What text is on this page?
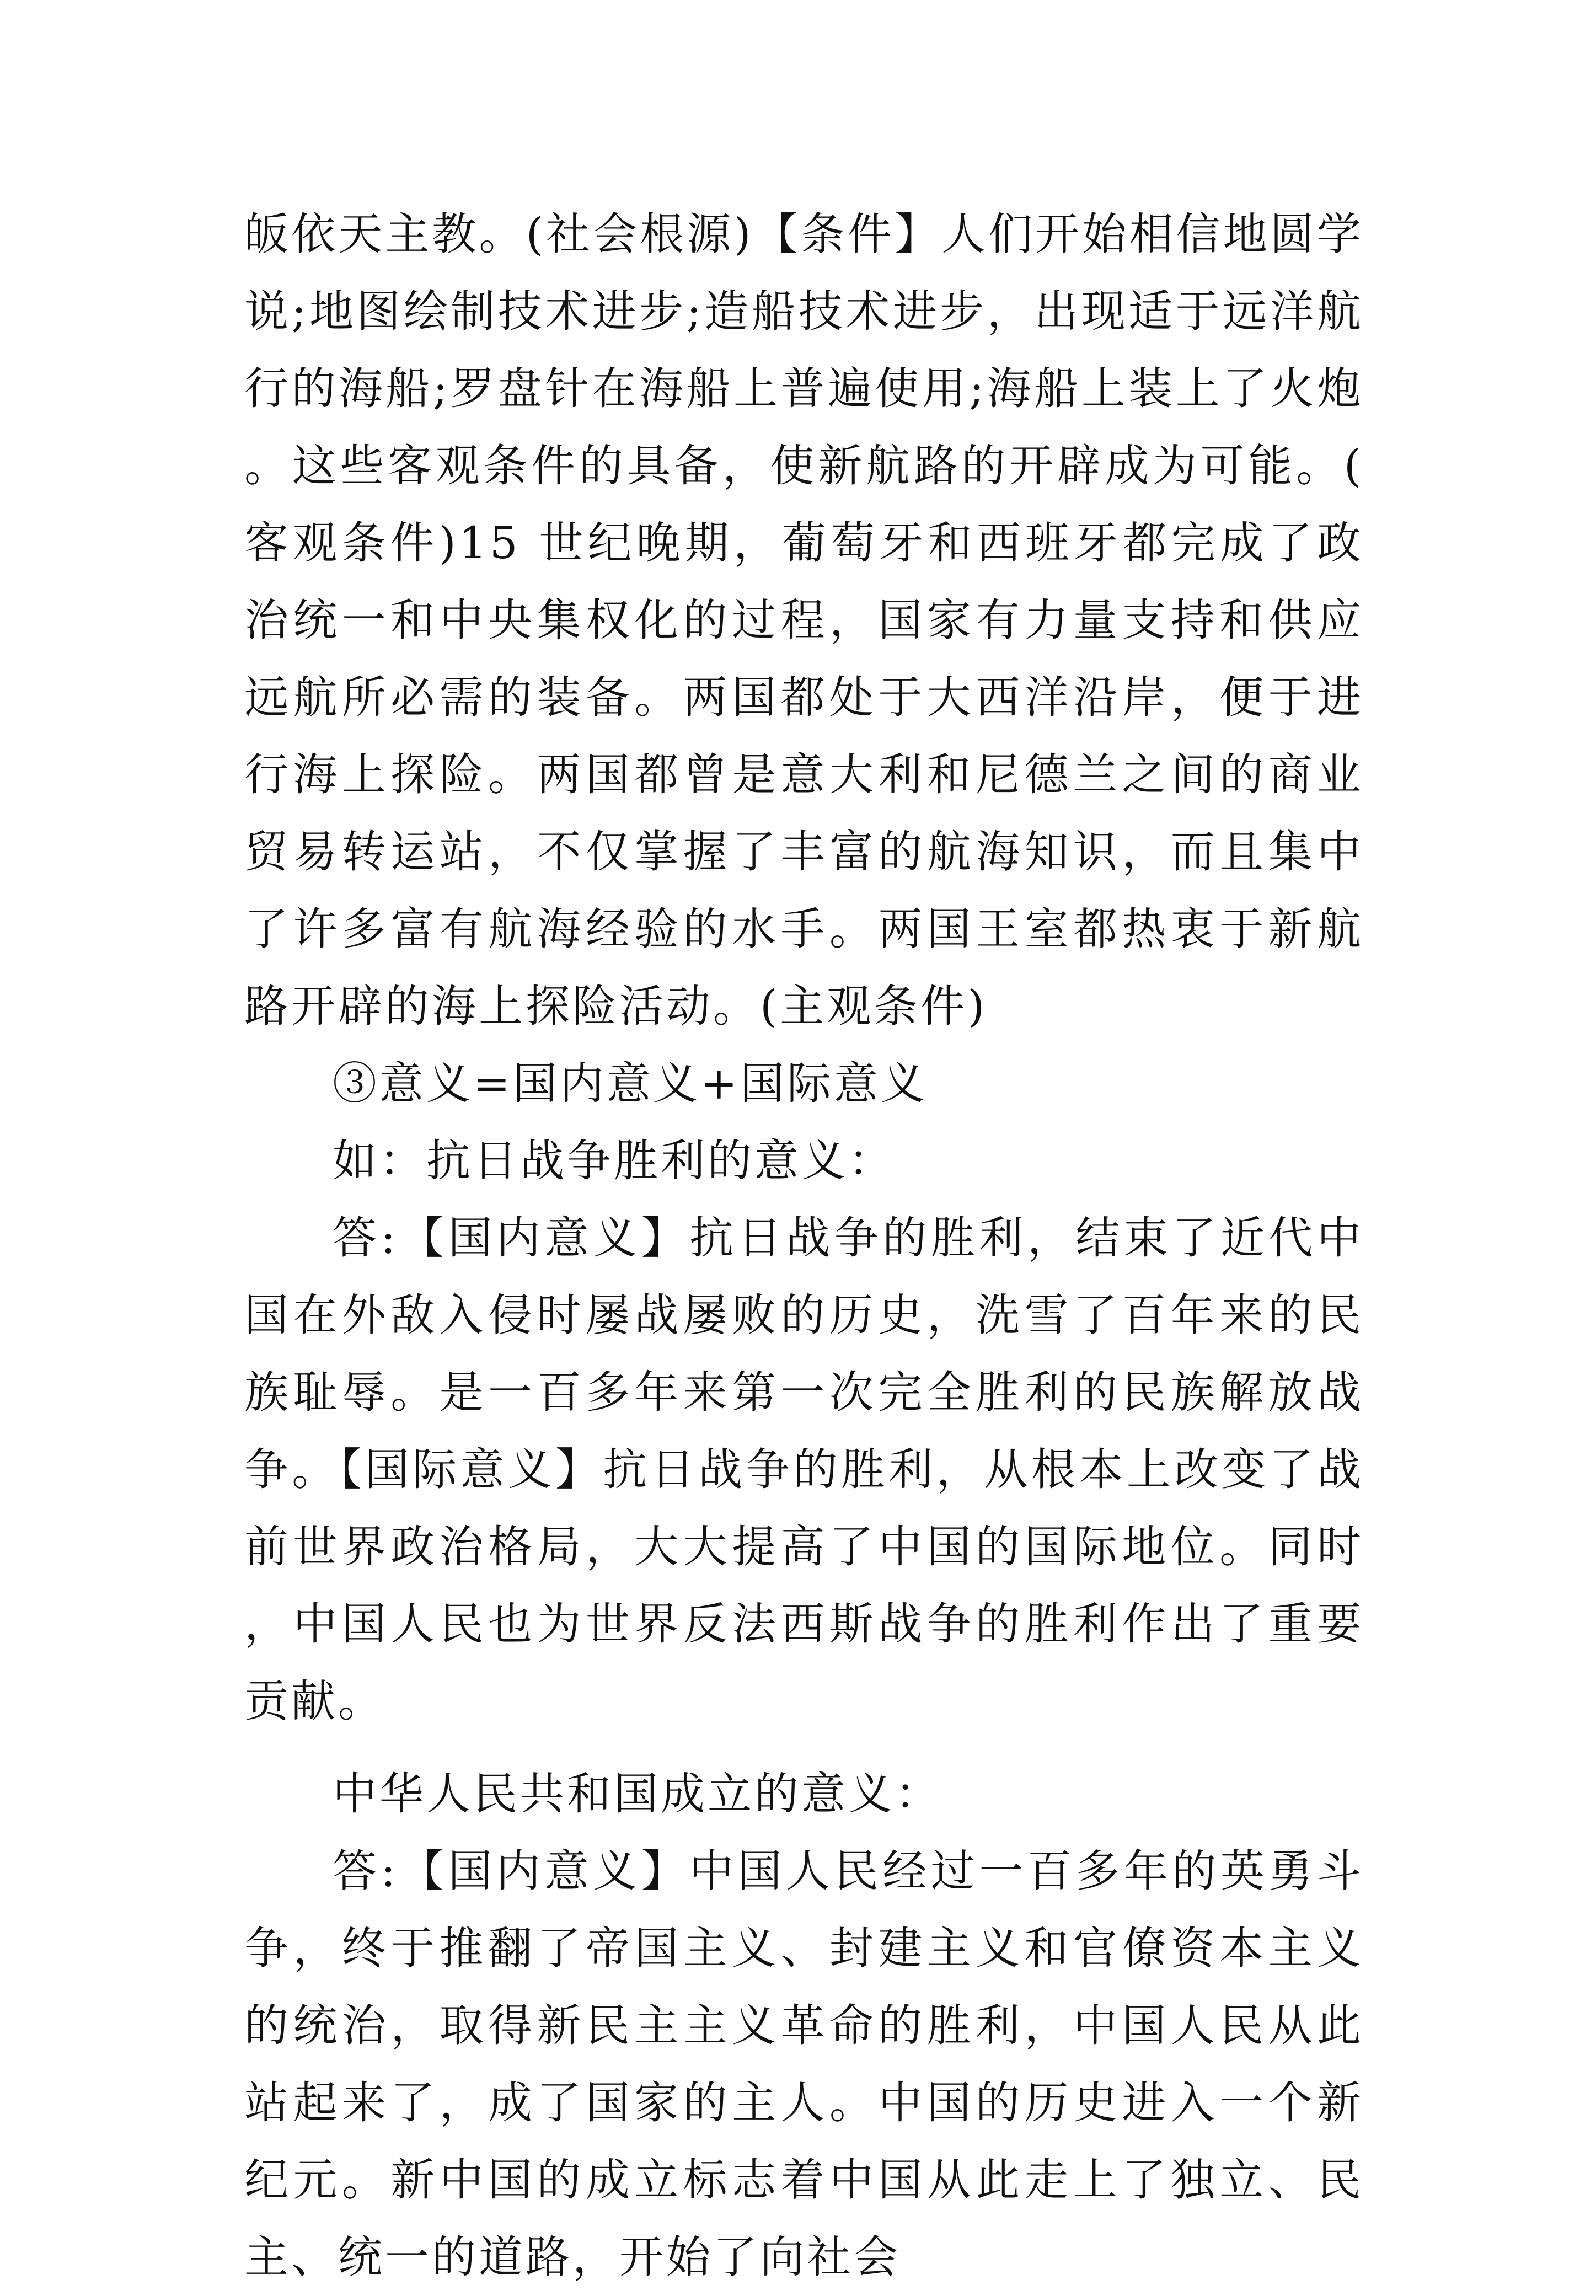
皈依天主教。(社会根源)【条件】人们开始相信地圆学说;地图绘制技术进步;造船技术进步，出现适于远洋航行的海船;罗盘针在海船上普遍使用;海船上装上了火炮。这些客观条件的具备，使新航路的开辟成为可能。(客观条件)15 世纪晚期，葡萄牙和西班牙都完成了政治统一和中央集权化的过程，国家有力量支持和供应远航所必需的装备。两国都处于大西洋沿岸，便于进行海上探险。两国都曾是意大利和尼德兰之间的商业贸易转运站，不仅掌握了丰富的航海知识，而且集中了许多富有航海经验的水手。两国王室都热衷于新航路开辟的海上探险活动。(主观条件)

③意义=国内意义+国际意义

如：抗日战争胜利的意义：

答:【国内意义】抗日战争的胜利，结束了近代中国在外敌入侵时屡战屡败的历史，洗雪了百年来的民族耻辱。是一百多年来第一次完全胜利的民族解放战争。【国际意义】抗日战争的胜利，从根本上改变了战前世界政治格局，大大提高了中国的国际地位。同时，中国人民也为世界反法西斯战争的胜利作出了重要贡献。

中华人民共和国成立的意义：

答:【国内意义】中国人民经过一百多年的英勇斗争，终于推翻了帝国主义、封建主义和官僚资本主义的统治，取得新民主主义革命的胜利，中国人民从此站起来了，成了国家的主人。中国的历史进入一个新纪元。新中国的成立标志着中国从此走上了独立、民主、统一的道路，开始了向社会
